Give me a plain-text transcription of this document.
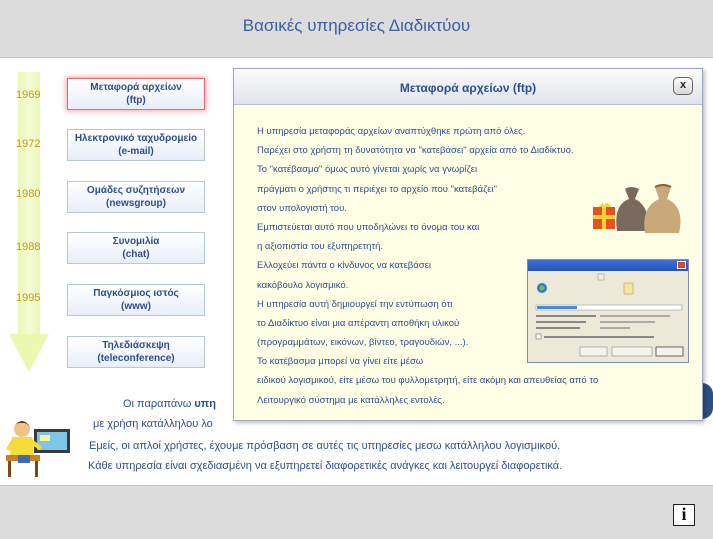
Βασικές υπηρεσίες Διαδικτύου
1969
1972
1980
1988
1995
Μεταφορά αρχείων
(ftp)
Ηλεκτρονικό ταχυδρομείο
(e-mail)
Ομάδες συζητήσεων
(newsgroup)
Συνομιλία
(chat)
Παγκόσμιος ιστός
(www)
Τηλεδιάσκεψη
(teleconference)
Οι παραπάνω υπη
με χρήση κατάλληλου λο
Εμείς, οι απλοί χρήστες, έχουμε πρόσβαση σε αυτές τις υπηρεσίες μεσω κατάλληλου λογισμικού.
Κάθε υπηρεσία είναι σχεδιασμένη να εξυπηρετεί διαφορετικές ανάγκες και λειτουργεί διαφορετικά.
Μεταφορά αρχείων (ftp)	x
Η υπηρεσία μεταφοράς αρχείων αναπτύχθηκε πρώτη από όλες.
Παρέχει στο χρήστη τη δυνατότητα να "κατεβάσει" αρχεία από το Διαδίκτυο.
Το "κατέβασμα" όμως αυτό γίνεται χωρίς να γνωρίζει
πράγματι ο χρήστης τι περιέχει το αρχείο που "κατεβάζει"
στον υπολογιστή του.
Εμπιστεύεται αυτό που υποδηλώνει το όνομα του και
η αξιοπιστία του εξυπηρετητή.
Ελλοχεύει πάντα ο κίνδυνος να κατεβάσει
κακόβουλο λογισμικό.
Η υπηρεσία αυτή δημιουργεί την εντύπωση ότι
το Διαδίκτυο είναι μια απέραντη αποθήκη υλικού
(προγραμμάτων, εικόνων, βίντεο, τραγουδιών, ...).
Το κατέβασμα μπορεί να γίνει είτε μέσω
ειδικού λογισμικού, είτε μέσω του φυλλομετρητή, είτε ακόμη και απευθείας από το
Λειτουργικό σύστημα με κατάλληλες εντολές.
i
